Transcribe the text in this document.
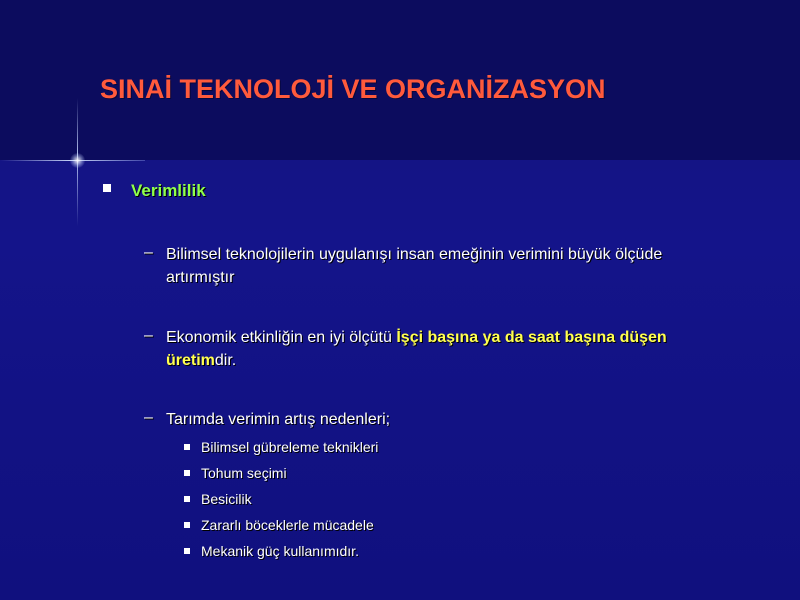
SINAİ TEKNOLOJİ VE ORGANİZASYON
Verimlilik
– Bilimsel teknolojilerin uygulanışı insan emeğinin verimini büyük ölçüde artırmıştır
– Ekonomik etkinliğin en iyi ölçütü İşçi başına ya da saat başına düşen üretimdir.
– Tarımda verimin artış nedenleri;
Bilimsel gübreleme teknikleri
Tohum seçimi
Besicilik
Zararlı böceklerle mücadele
Mekanik güç kullanımıdır.
